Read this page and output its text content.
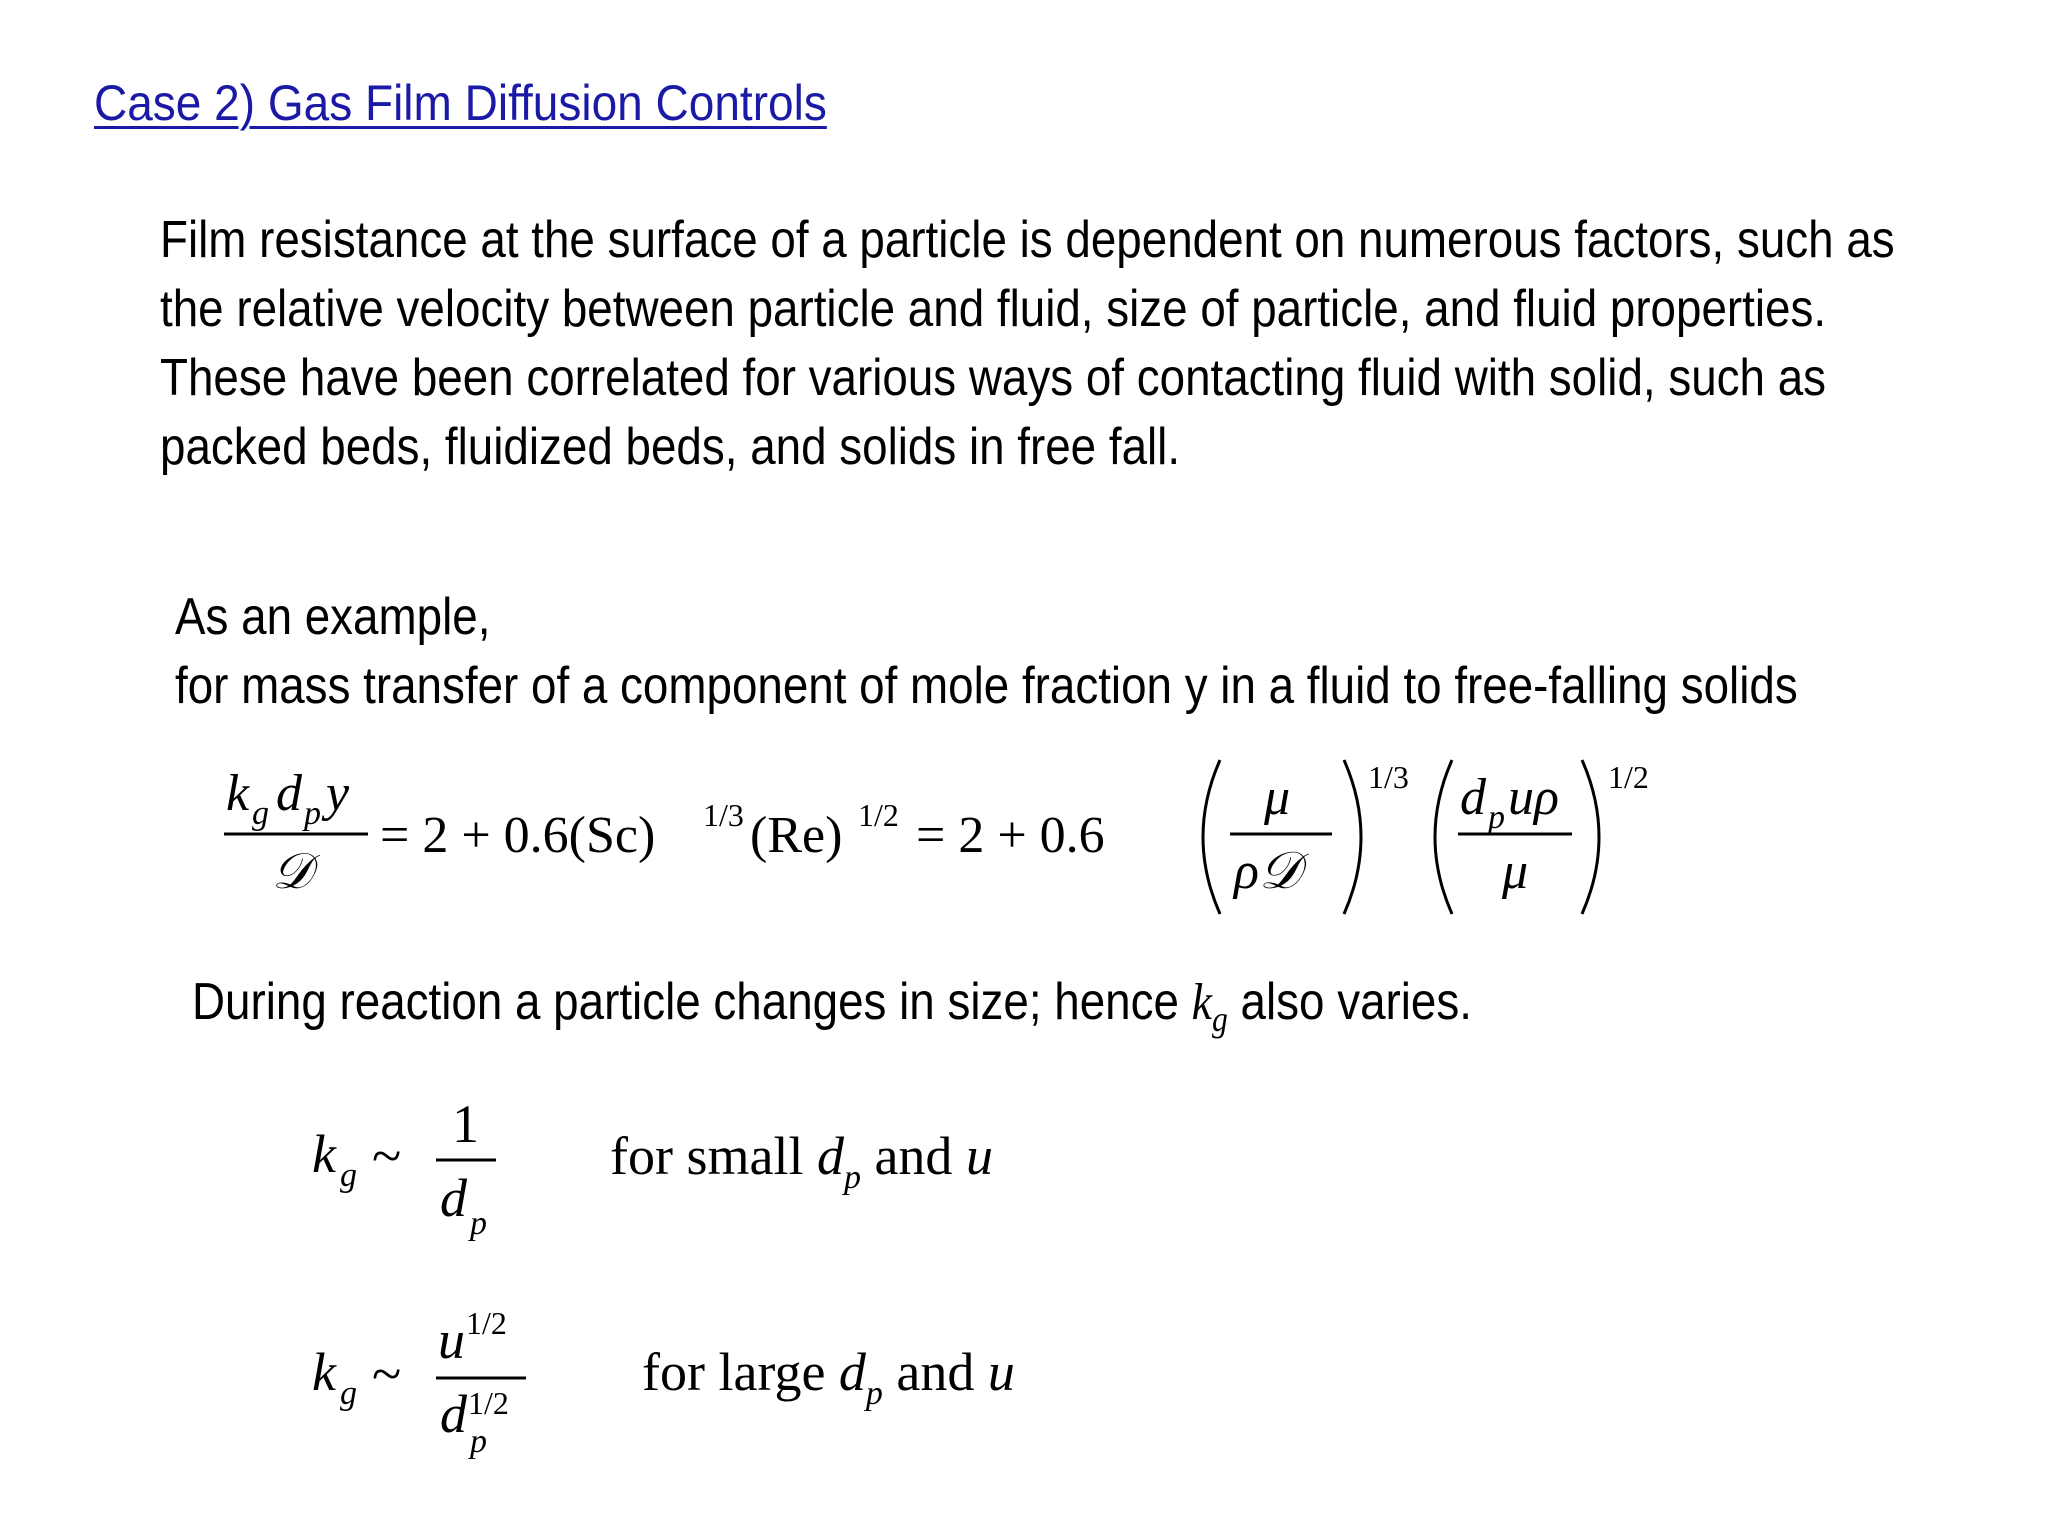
Case 2) Gas Film Diffusion Controls
Film resistance at the surface of a particle is dependent on numerous factors, such as
the relative velocity between particle and fluid, size of particle, and fluid properties.
These have been correlated for various ways of contacting fluid with solid, such as
packed beds, fluidized beds, and solids in free fall.
As an example,
for mass transfer of a component of mole fraction y in a fluid to free-falling solids
k g d p y
𝒟
= 2 + 0.6(Sc) 1/3 (Re) 1/2 = 2 + 0.6
μ
ρ𝒟
1/3 d p uρ
μ
1/2
During reaction a particle changes in size; hence $k_g$ also varies.
k g ~
1
d p
for small $d_p$ and u
k g ~
u 1/2
d 1/2
p
for large $d_p$ and u
